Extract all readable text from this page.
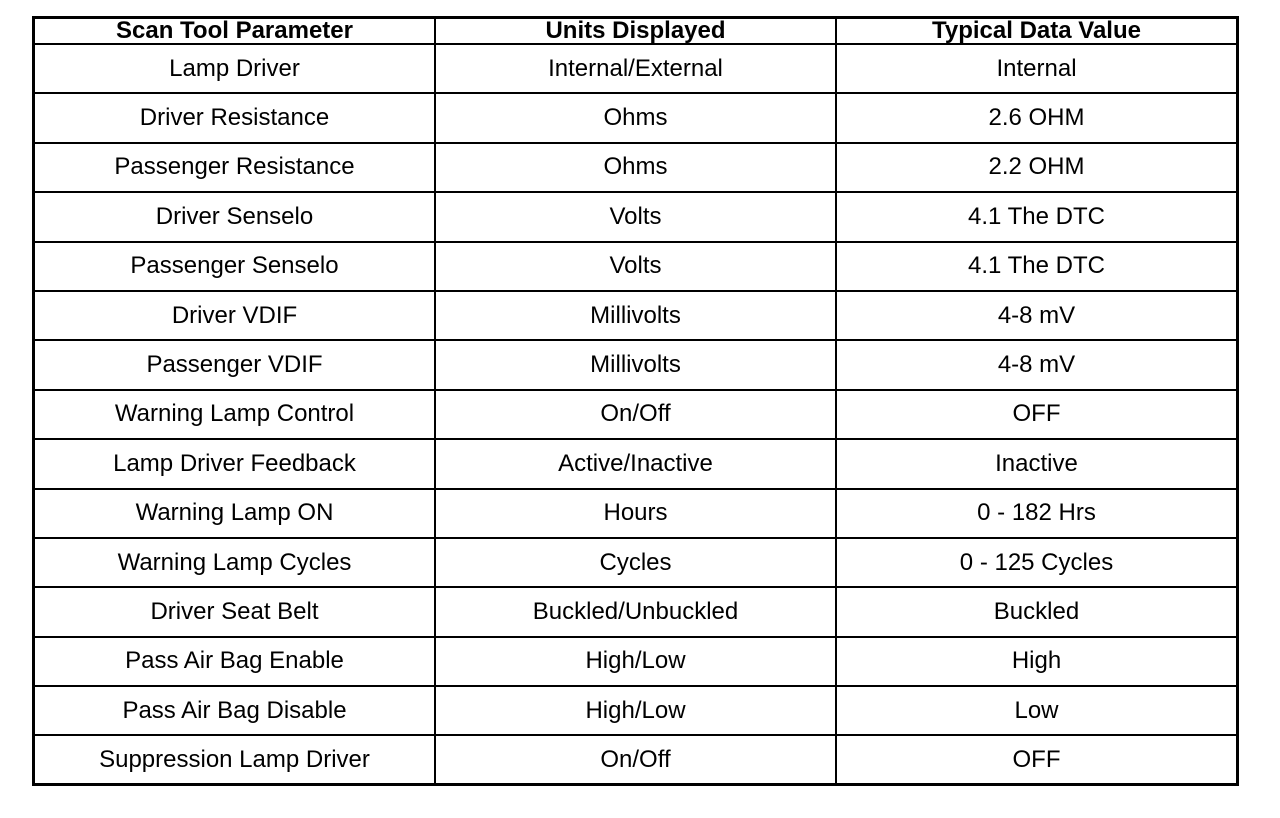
Scan Tool Parameter	Units Displayed	Typical Data Value
Lamp Driver	Internal/External	Internal
Driver Resistance	Ohms	2.6 OHM
Passenger Resistance	Ohms	2.2 OHM
Driver Senselo	Volts	4.1 The DTC
Passenger Senselo	Volts	4.1 The DTC
Driver VDIF	Millivolts	4-8 mV
Passenger VDIF	Millivolts	4-8 mV
Warning Lamp Control	On/Off	OFF
Lamp Driver Feedback	Active/Inactive	Inactive
Warning Lamp ON	Hours	0 - 182 Hrs
Warning Lamp Cycles	Cycles	0 - 125 Cycles
Driver Seat Belt	Buckled/Unbuckled	Buckled
Pass Air Bag Enable	High/Low	High
Pass Air Bag Disable	High/Low	Low
Suppression Lamp Driver	On/Off	OFF
